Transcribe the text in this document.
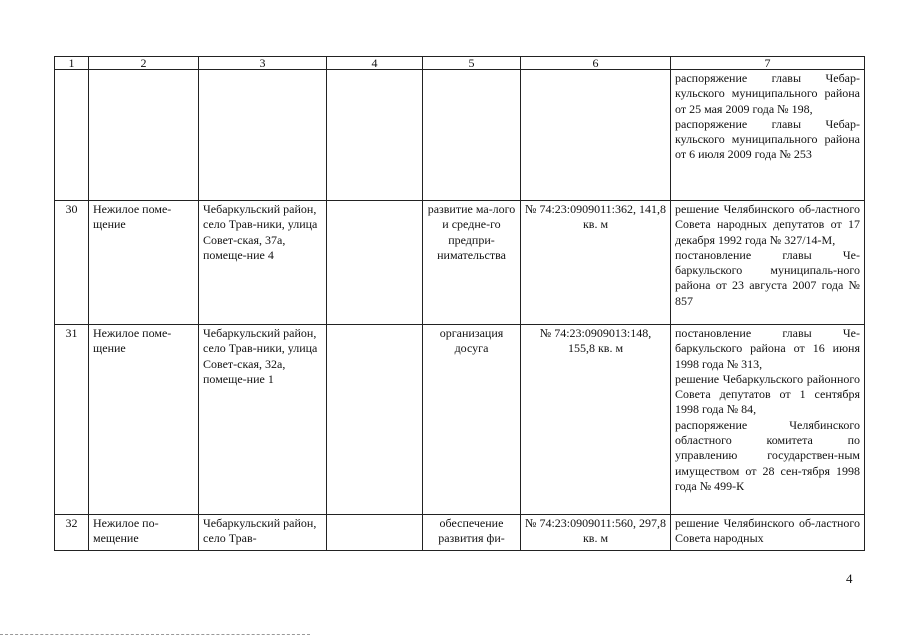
1	2	3	4	5	6	7

						распоряжение главы Чебар-кульского муниципального района от 25 мая 2009 года № 198,
распоряжение главы Чебар-кульского муниципального района от 6 июля 2009 года № 253

30	Нежилое поме-щение	Чебаркульский район, село Трав-ники, улица Совет-ская, 37а, помеще-ние 4		развитие ма-лого и средне-го предпри-нимательства	№ 74:23:0909011:362, 141,8 кв. м	решение Челябинского об-ластного Совета народных депутатов от 17 декабря 1992 года № 327/14-М,
постановление главы Че-баркульского муниципаль-ного района от 23 августа 2007 года № 857

31	Нежилое поме-щение	Чебаркульский район, село Трав-ники, улица Совет-ская, 32а, помеще-ние 1		организация досуга	№ 74:23:0909013:148, 155,8 кв. м	постановление главы Че-баркульского района от 16 июня 1998 года № 313,
решение Чебаркульского районного Совета депутатов от 1 сентября 1998 года № 84,
распоряжение Челябинского областного комитета по управлению государствен-ным имуществом от 28 сен-тября 1998 года № 499-К

32	Нежилое по-мещение	Чебаркульский район, село Трав-		обеспечение развития фи-	№ 74:23:0909011:560, 297,8 кв. м	решение Челябинского об-ластного Совета народных
4
